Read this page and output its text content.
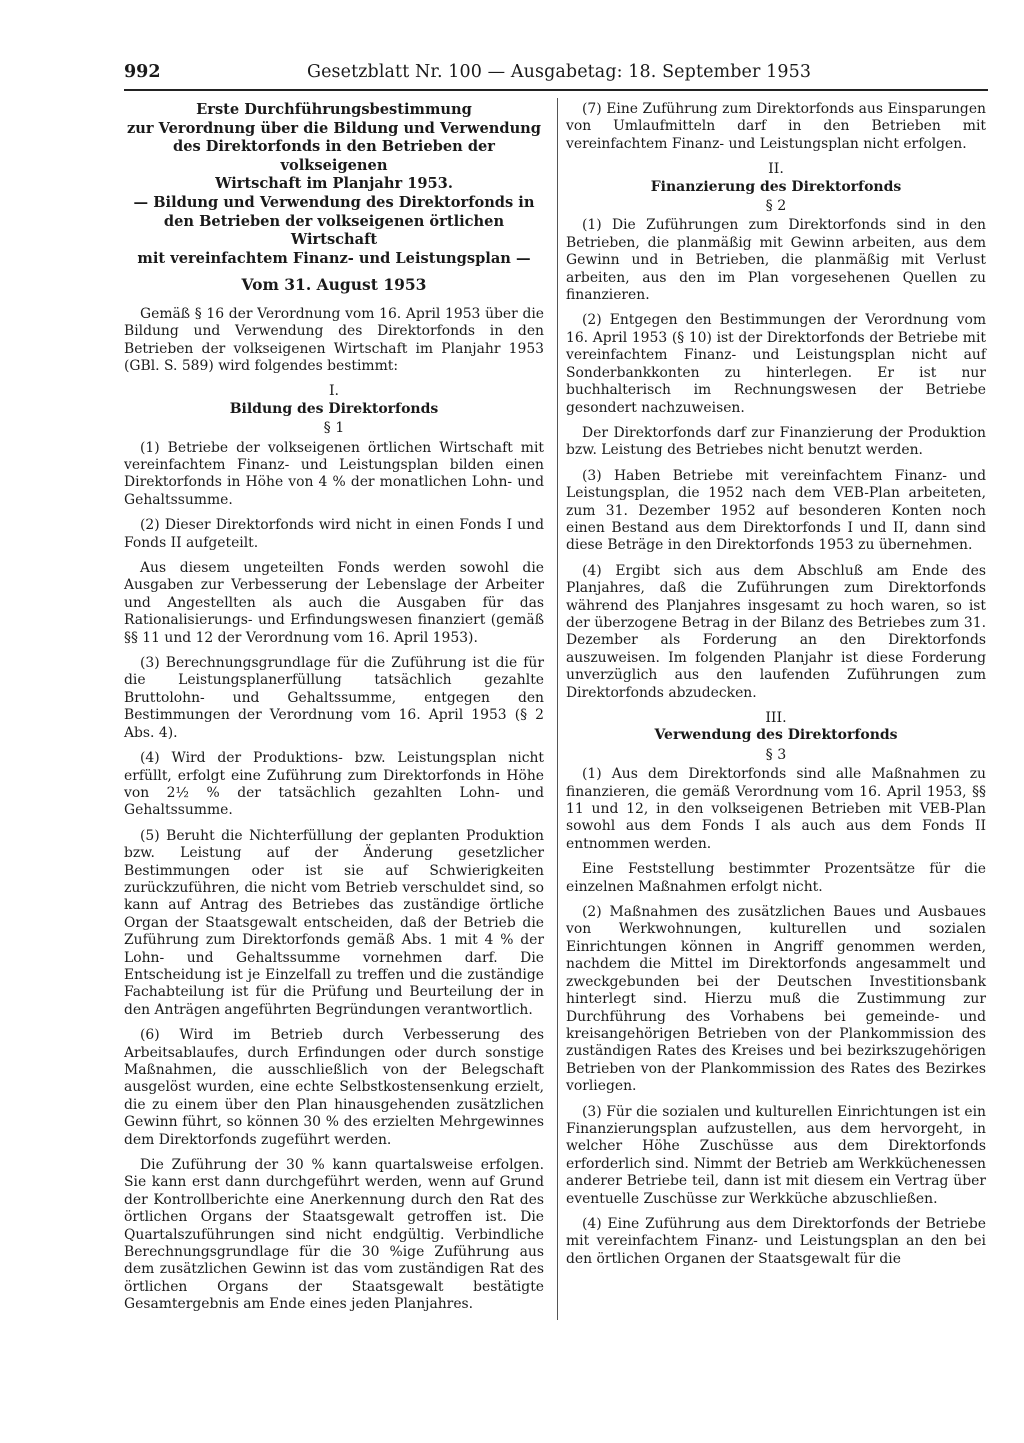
992	Gesetzblatt Nr. 100 — Ausgabetag: 18. September 1953
Erste Durchführungsbestimmung
zur Verordnung über die Bildung und Verwendung
des Direktorfonds in den Betrieben der volkseigenen
Wirtschaft im Planjahr 1953.
— Bildung und Verwendung des Direktorfonds in
den Betrieben der volkseigenen örtlichen Wirtschaft
mit vereinfachtem Finanz- und Leistungsplan —
Vom 31. August 1953

Gemäß § 16 der Verordnung vom 16. April 1953 über die Bildung und Verwendung des Direktorfonds in den Betrieben der volkseigenen Wirtschaft im Planjahr 1953 (GBl. S. 589) wird folgendes bestimmt:

I.
Bildung des Direktorfonds
§ 1

(1) Betriebe der volkseigenen örtlichen Wirtschaft mit vereinfachtem Finanz- und Leistungsplan bilden einen Direktorfonds in Höhe von 4 % der monatlichen Lohn- und Gehaltssumme.

(2) Dieser Direktorfonds wird nicht in einen Fonds I und Fonds II aufgeteilt.

Aus diesem ungeteilten Fonds werden sowohl die Ausgaben zur Verbesserung der Lebenslage der Arbeiter und Angestellten als auch die Ausgaben für das Rationalisierungs- und Erfindungswesen finanziert (gemäß §§ 11 und 12 der Verordnung vom 16. April 1953).

(3) Berechnungsgrundlage für die Zuführung ist die für die Leistungsplanerfüllung tatsächlich gezahlte Bruttolohn- und Gehaltssumme, entgegen den Bestimmungen der Verordnung vom 16. April 1953 (§ 2 Abs. 4).

(4) Wird der Produktions- bzw. Leistungsplan nicht erfüllt, erfolgt eine Zuführung zum Direktorfonds in Höhe von 2½ % der tatsächlich gezahlten Lohn- und Gehaltssumme.

(5) Beruht die Nichterfüllung der geplanten Produktion bzw. Leistung auf der Änderung gesetzlicher Bestimmungen oder ist sie auf Schwierigkeiten zurückzuführen, die nicht vom Betrieb verschuldet sind, so kann auf Antrag des Betriebes das zuständige örtliche Organ der Staatsgewalt entscheiden, daß der Betrieb die Zuführung zum Direktorfonds gemäß Abs. 1 mit 4 % der Lohn- und Gehaltssumme vornehmen darf. Die Entscheidung ist je Einzelfall zu treffen und die zuständige Fachabteilung ist für die Prüfung und Beurteilung der in den Anträgen angeführten Begründungen verantwortlich.

(6) Wird im Betrieb durch Verbesserung des Arbeitsablaufes, durch Erfindungen oder durch sonstige Maßnahmen, die ausschließlich von der Belegschaft ausgelöst wurden, eine echte Selbstkostensenkung erzielt, die zu einem über den Plan hinausgehenden zusätzlichen Gewinn führt, so können 30 % des erzielten Mehrgewinnes dem Direktorfonds zugeführt werden.

Die Zuführung der 30 % kann quartalsweise erfolgen. Sie kann erst dann durchgeführt werden, wenn auf Grund der Kontrollberichte eine Anerkennung durch den Rat des örtlichen Organs der Staatsgewalt getroffen ist. Die Quartalszuführungen sind nicht endgültig. Verbindliche Berechnungsgrundlage für die 30 %ige Zuführung aus dem zusätzlichen Gewinn ist das vom zuständigen Rat des örtlichen Organs der Staatsgewalt bestätigte Gesamtergebnis am Ende eines jeden Planjahres.

(7) Eine Zuführung zum Direktorfonds aus Einsparungen von Umlaufmitteln darf in den Betrieben mit vereinfachtem Finanz- und Leistungsplan nicht erfolgen.

II.
Finanzierung des Direktorfonds
§ 2

(1) Die Zuführungen zum Direktorfonds sind in den Betrieben, die planmäßig mit Gewinn arbeiten, aus dem Gewinn und in Betrieben, die planmäßig mit Verlust arbeiten, aus den im Plan vorgesehenen Quellen zu finanzieren.

(2) Entgegen den Bestimmungen der Verordnung vom 16. April 1953 (§ 10) ist der Direktorfonds der Betriebe mit vereinfachtem Finanz- und Leistungsplan nicht auf Sonderbankkonten zu hinterlegen. Er ist nur buchhalterisch im Rechnungswesen der Betriebe gesondert nachzuweisen.

Der Direktorfonds darf zur Finanzierung der Produktion bzw. Leistung des Betriebes nicht benutzt werden.

(3) Haben Betriebe mit vereinfachtem Finanz- und Leistungsplan, die 1952 nach dem VEB-Plan arbeiteten, zum 31. Dezember 1952 auf besonderen Konten noch einen Bestand aus dem Direktorfonds I und II, dann sind diese Beträge in den Direktorfonds 1953 zu übernehmen.

(4) Ergibt sich aus dem Abschluß am Ende des Planjahres, daß die Zuführungen zum Direktorfonds während des Planjahres insgesamt zu hoch waren, so ist der überzogene Betrag in der Bilanz des Betriebes zum 31. Dezember als Forderung an den Direktorfonds auszuweisen. Im folgenden Planjahr ist diese Forderung unverzüglich aus den laufenden Zuführungen zum Direktorfonds abzudecken.

III.
Verwendung des Direktorfonds
§ 3

(1) Aus dem Direktorfonds sind alle Maßnahmen zu finanzieren, die gemäß Verordnung vom 16. April 1953, §§ 11 und 12, in den volkseigenen Betrieben mit VEB-Plan sowohl aus dem Fonds I als auch aus dem Fonds II entnommen werden.

Eine Feststellung bestimmter Prozentsätze für die einzelnen Maßnahmen erfolgt nicht.

(2) Maßnahmen des zusätzlichen Baues und Ausbaues von Werkwohnungen, kulturellen und sozialen Einrichtungen können in Angriff genommen werden, nachdem die Mittel im Direktorfonds angesammelt und zweckgebunden bei der Deutschen Investitionsbank hinterlegt sind. Hierzu muß die Zustimmung zur Durchführung des Vorhabens bei gemeinde- und kreisangehörigen Betrieben von der Plankommission des zuständigen Rates des Kreises und bei bezirkszugehörigen Betrieben von der Plankommission des Rates des Bezirkes vorliegen.

(3) Für die sozialen und kulturellen Einrichtungen ist ein Finanzierungsplan aufzustellen, aus dem hervorgeht, in welcher Höhe Zuschüsse aus dem Direktorfonds erforderlich sind. Nimmt der Betrieb am Werkküchenessen anderer Betriebe teil, dann ist mit diesem ein Vertrag über eventuelle Zuschüsse zur Werkküche abzuschließen.

(4) Eine Zuführung aus dem Direktorfonds der Betriebe mit vereinfachtem Finanz- und Leistungsplan an den bei den örtlichen Organen der Staatsgewalt für die
